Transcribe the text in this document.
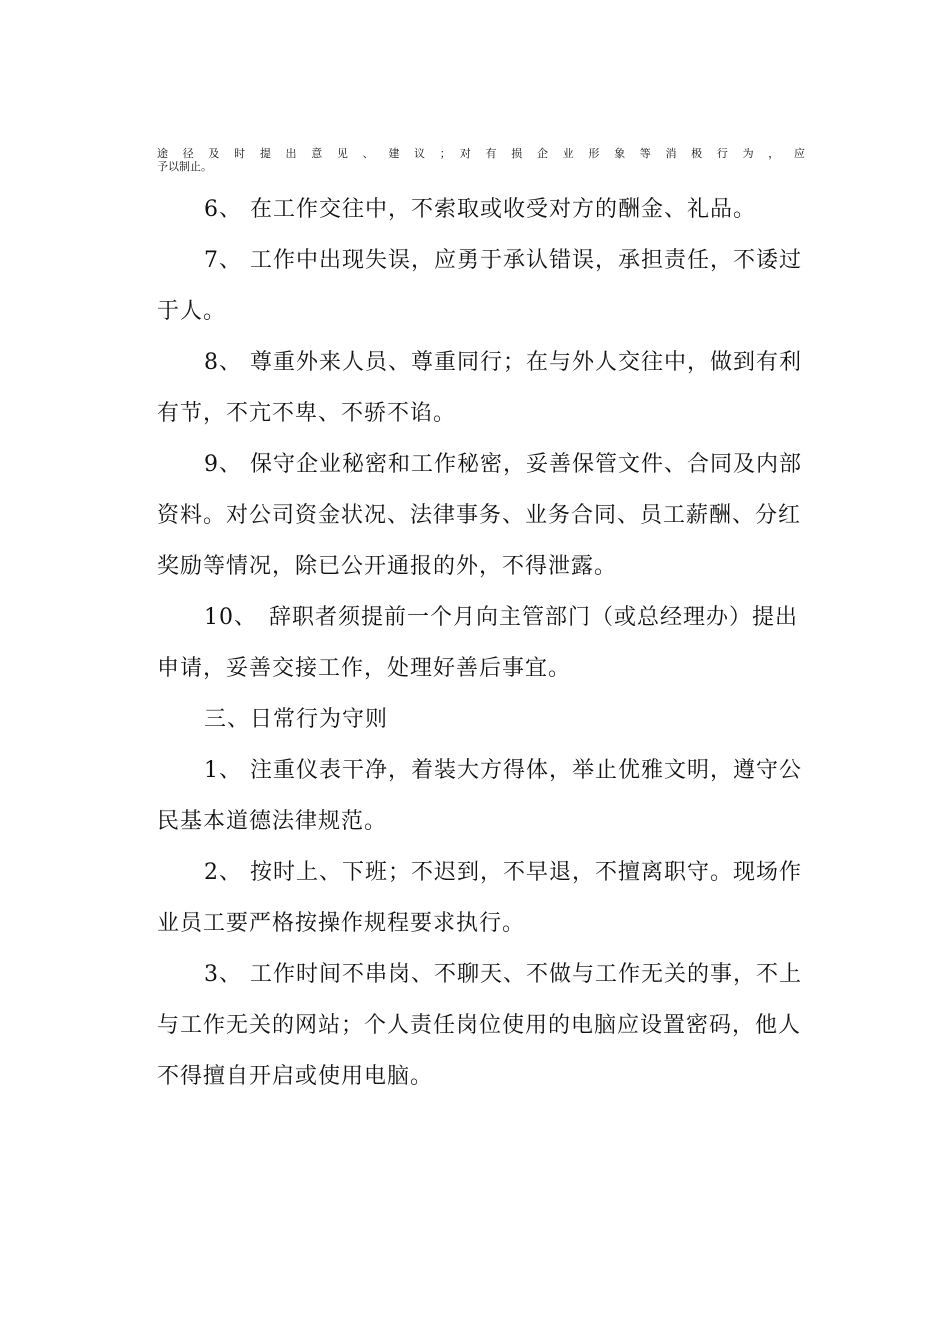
途 径 及 时 提 出 意 见 、 建 议 ； 对 有 损 企 业 形 象 等 消 极 行 为 ， 应
予以制止。

6、 在工作交往中，不索取或收受对方的酬金、礼品。

7、 工作中出现失误，应勇于承认错误，承担责任，不诿过于人。

8、 尊重外来人员、尊重同行；在与外人交往中，做到有利有节，不亢不卑、不骄不谄。

9、 保守企业秘密和工作秘密，妥善保管文件、合同及内部资料。对公司资金状况、法律事务、业务合同、员工薪酬、分红奖励等情况，除已公开通报的外，不得泄露。

10、　辞职者须提前一个月向主管部门（或总经理办）提出申请，妥善交接工作，处理好善后事宜。

三、日常行为守则

1、 注重仪表干净，着装大方得体，举止优雅文明，遵守公民基本道德法律规范。

2、 按时上、下班；不迟到，不早退，不擅离职守。现场作业员工要严格按操作规程要求执行。

3、 工作时间不串岗、不聊天、不做与工作无关的事，不上与工作无关的网站；个人责任岗位使用的电脑应设置密码，他人不得擅自开启或使用电脑。
